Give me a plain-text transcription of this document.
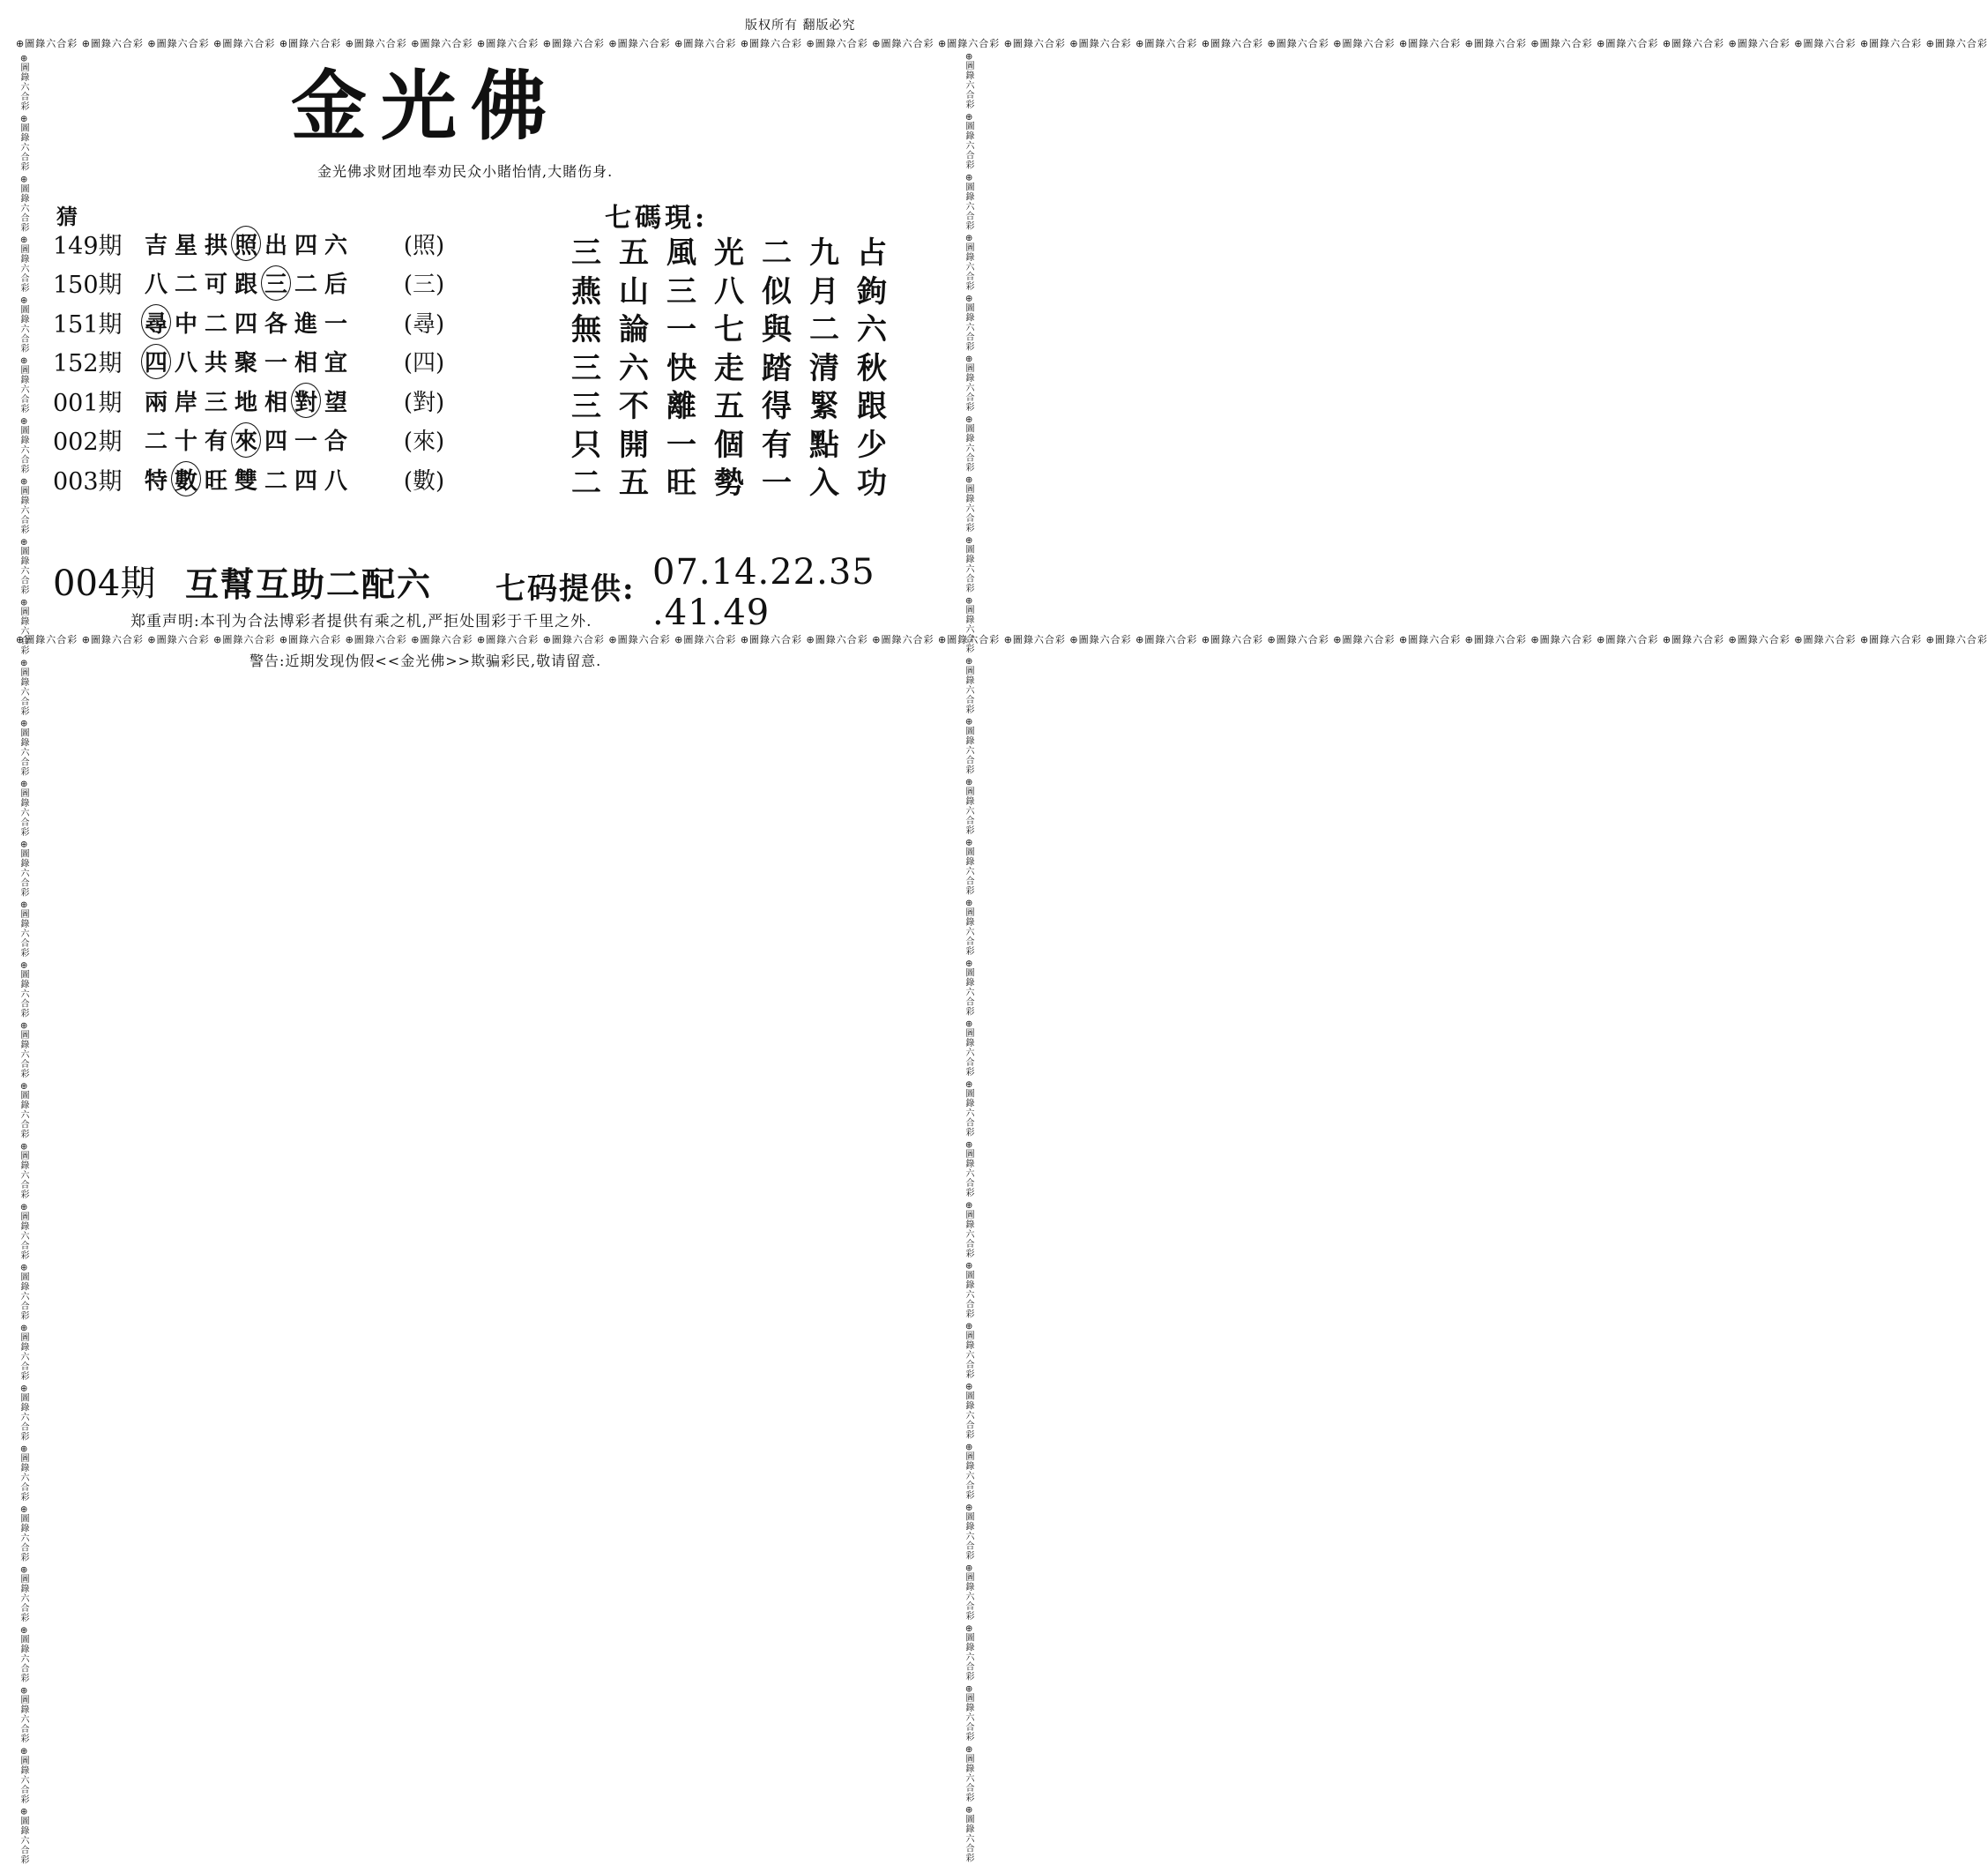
版权所有 翻版必究
⊕圖錄六合彩 ⊕圖錄六合彩 ⊕圖錄六合彩 ⊕圖錄六合彩 ⊕圖錄六合彩 ⊕圖錄六合彩 ⊕圖錄六合彩 ⊕圖錄六合彩 ⊕圖錄六合彩 ⊕圖錄六合彩 ⊕圖錄六合彩 ⊕圖錄六合彩 ⊕圖錄六合彩 ⊕圖錄六合彩 ⊕圖錄六合彩 ⊕圖錄六合彩 ⊕圖錄六合彩 ⊕圖錄六合彩 ⊕圖錄六合彩 ⊕圖錄六合彩 ⊕圖錄六合彩 ⊕圖錄六合彩 ⊕圖錄六合彩 ⊕圖錄六合彩 ⊕圖錄六合彩 ⊕圖錄六合彩 ⊕圖錄六合彩 ⊕圖錄六合彩 ⊕圖錄六合彩 ⊕圖錄六合彩
⊕圖錄六合彩 ⊕圖錄六合彩 ⊕圖錄六合彩 ⊕圖錄六合彩 ⊕圖錄六合彩 ⊕圖錄六合彩 ⊕圖錄六合彩 ⊕圖錄六合彩 ⊕圖錄六合彩 ⊕圖錄六合彩 ⊕圖錄六合彩 ⊕圖錄六合彩 ⊕圖錄六合彩 ⊕圖錄六合彩 ⊕圖錄六合彩 ⊕圖錄六合彩 ⊕圖錄六合彩 ⊕圖錄六合彩 ⊕圖錄六合彩 ⊕圖錄六合彩 ⊕圖錄六合彩 ⊕圖錄六合彩 ⊕圖錄六合彩 ⊕圖錄六合彩 ⊕圖錄六合彩 ⊕圖錄六合彩 ⊕圖錄六合彩 ⊕圖錄六合彩 ⊕圖錄六合彩 ⊕圖錄六合彩	⊕圖錄六合彩 ⊕圖錄六合彩 ⊕圖錄六合彩 ⊕圖錄六合彩 ⊕圖錄六合彩 ⊕圖錄六合彩 ⊕圖錄六合彩 ⊕圖錄六合彩 ⊕圖錄六合彩 ⊕圖錄六合彩 ⊕圖錄六合彩 ⊕圖錄六合彩 ⊕圖錄六合彩 ⊕圖錄六合彩 ⊕圖錄六合彩 ⊕圖錄六合彩 ⊕圖錄六合彩 ⊕圖錄六合彩 ⊕圖錄六合彩 ⊕圖錄六合彩 ⊕圖錄六合彩 ⊕圖錄六合彩 ⊕圖錄六合彩 ⊕圖錄六合彩 ⊕圖錄六合彩 ⊕圖錄六合彩 ⊕圖錄六合彩 ⊕圖錄六合彩 ⊕圖錄六合彩 ⊕圖錄六合彩
⊕圖錄六合彩 ⊕圖錄六合彩 ⊕圖錄六合彩 ⊕圖錄六合彩 ⊕圖錄六合彩 ⊕圖錄六合彩 ⊕圖錄六合彩 ⊕圖錄六合彩 ⊕圖錄六合彩 ⊕圖錄六合彩 ⊕圖錄六合彩 ⊕圖錄六合彩 ⊕圖錄六合彩 ⊕圖錄六合彩 ⊕圖錄六合彩 ⊕圖錄六合彩 ⊕圖錄六合彩 ⊕圖錄六合彩 ⊕圖錄六合彩 ⊕圖錄六合彩 ⊕圖錄六合彩 ⊕圖錄六合彩 ⊕圖錄六合彩 ⊕圖錄六合彩 ⊕圖錄六合彩 ⊕圖錄六合彩 ⊕圖錄六合彩 ⊕圖錄六合彩 ⊕圖錄六合彩 ⊕圖錄六合彩
金光佛
金光佛求财团地奉劝民众小賭怡情,大賭伤身.
猜
149期 吉 星 拱 照 出 四 六	(照)
150期 八 二 可 跟 三 二 后	(三)
151期 尋 中 二 四 各 進 一	(尋)
152期 四 八 共 聚 一 相 宜	(四)
001期 兩 岸 三 地 相 對 望	(對)
002期 二 十 有 來 四 一 合	(來)
003期 特 數 旺 雙 二 四 八	(數)
七碼現:
三 五 風 光 二 九 占
燕 山 三 八 似 月 鉤
無 論 一 七 與 二 六
三 六 快 走 踏 清 秋
三 不 離 五 得 緊 跟
只 開 一 個 有 點 少
二 五 旺 勢 一 入 功
004期 互幫互助二配六 七码提供: 07.14.22.35 .41.49
郑重声明:本刊为合法博彩者提供有乘之机,严拒处围彩于千里之外.
警告:近期发现伪假<<金光佛>>欺骗彩民,敬请留意.
